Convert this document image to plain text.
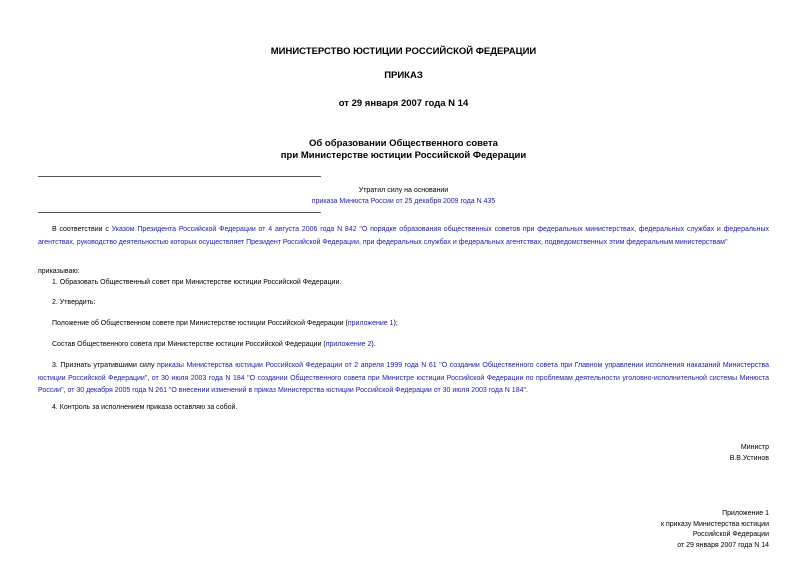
МИНИСТЕРСТВО ЮСТИЦИИ РОССИЙСКОЙ ФЕДЕРАЦИИ
ПРИКАЗ
от 29 января 2007 года N 14
Об образовании Общественного совета
при Министерстве юстиции Российской Федерации
Утратил силу на основании
приказа Минюста России от 25 декабря 2009 года N 435
В соответствии с Указом Президента Российской Федерации от 4 августа 2006 года N 842 "О порядке образования общественных советов при федеральных министерствах, федеральных службах и федеральных агентствах, руководство деятельностью которых осуществляет Президент Российской Федерации, при федеральных службах и федеральных агентствах, подведомственных этим федеральным министерствам"
приказываю:
1. Образовать Общественный совет при Министерстве юстиции Российской Федерации.
2. Утвердить:
Положение об Общественном совете при Министерстве юстиции Российской Федерации (приложение 1);
Состав Общественного совета при Министерстве юстиции Российской Федерации (приложение 2).
3. Признать утратившими силу приказы Министерства юстиции Российской Федерации от 2 апреля 1999 года N 61 "О создании Общественного совета при Главном управлении исполнения наказаний Министерства юстиции Российской Федерации", от 30 июля 2003 года N 184 "О создании Общественного совета при Министре юстиции Российской Федерации по проблемам деятельности уголовно-исполнительной системы Минюста России", от 30 декабря 2005 года N 261 "О внесении изменений в приказ Министерства юстиции Российской Федерации от 30 июля 2003 года N 184".
4. Контроль за исполнением приказа оставляю за собой.
Министр
В.В.Устинов
Приложение 1
к приказу Министерства юстиции
Российской Федерации
от 29 января 2007 года N 14
